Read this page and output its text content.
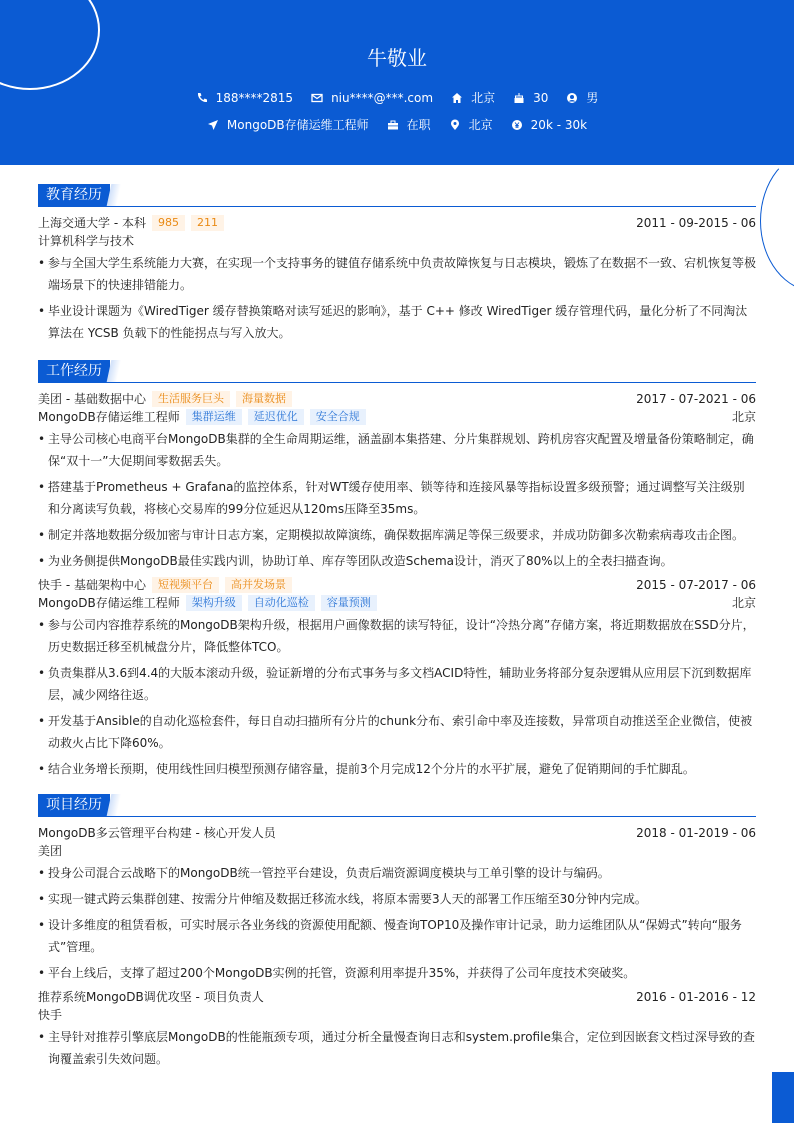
牛敬业
188****2815	niu****@***.com	北京	30	男
MongoDB存储运维工程师	在职	北京	20k - 30k
教育经历
上海交通大学 - 本科	985	211	2011 - 09-2015 - 06
计算机科学与技术
• 参与全国大学生系统能力大赛，在实现一个支持事务的键值存储系统中负责故障恢复与日志模块，锻炼了在数据不一致、宕机恢复等极端场景下的快速排错能力。
• 毕业设计课题为《WiredTiger 缓存替换策略对读写延迟的影响》，基于 C++ 修改 WiredTiger 缓存管理代码，量化分析了不同淘汰算法在 YCSB 负载下的性能拐点与写入放大。
工作经历
美团 - 基础数据中心	生活服务巨头	海量数据	2017 - 07-2021 - 06
MongoDB存储运维工程师	集群运维	延迟优化	安全合规	北京
• 主导公司核心电商平台MongoDB集群的全生命周期运维，涵盖副本集搭建、分片集群规划、跨机房容灾配置及增量备份策略制定，确保“双十一”大促期间零数据丢失。
• 搭建基于Prometheus + Grafana的监控体系，针对WT缓存使用率、锁等待和连接风暴等指标设置多级预警；通过调整写关注级别和分离读写负载，将核心交易库的99分位延迟从120ms压降至35ms。
• 制定并落地数据分级加密与审计日志方案，定期模拟故障演练，确保数据库满足等保三级要求，并成功防御多次勒索病毒攻击企图。
• 为业务侧提供MongoDB最佳实践内训，协助订单、库存等团队改造Schema设计，消灭了80%以上的全表扫描查询。
快手 - 基础架构中心	短视频平台	高并发场景	2015 - 07-2017 - 06
MongoDB存储运维工程师	架构升级	自动化巡检	容量预测	北京
• 参与公司内容推荐系统的MongoDB架构升级，根据用户画像数据的读写特征，设计“冷热分离”存储方案，将近期数据放在SSD分片，历史数据迁移至机械盘分片，降低整体TCO。
• 负责集群从3.6到4.4的大版本滚动升级，验证新增的分布式事务与多文档ACID特性，辅助业务将部分复杂逻辑从应用层下沉到数据库层，减少网络往返。
• 开发基于Ansible的自动化巡检套件，每日自动扫描所有分片的chunk分布、索引命中率及连接数，异常项自动推送至企业微信，使被动救火占比下降60%。
• 结合业务增长预期，使用线性回归模型预测存储容量，提前3个月完成12个分片的水平扩展，避免了促销期间的手忙脚乱。
项目经历
MongoDB多云管理平台构建 - 核心开发人员	2018 - 01-2019 - 06
美团
• 投身公司混合云战略下的MongoDB统一管控平台建设，负责后端资源调度模块与工单引擎的设计与编码。
• 实现一键式跨云集群创建、按需分片伸缩及数据迁移流水线，将原本需要3人天的部署工作压缩至30分钟内完成。
• 设计多维度的租赁看板，可实时展示各业务线的资源使用配额、慢查询TOP10及操作审计记录，助力运维团队从“保姆式”转向“服务式”管理。
• 平台上线后，支撑了超过200个MongoDB实例的托管，资源利用率提升35%，并获得了公司年度技术突破奖。
推荐系统MongoDB调优攻坚 - 项目负责人	2016 - 01-2016 - 12
快手
• 主导针对推荐引擎底层MongoDB的性能瓶颈专项，通过分析全量慢查询日志和system.profile集合，定位到因嵌套文档过深导致的查询覆盖索引失效问题。
